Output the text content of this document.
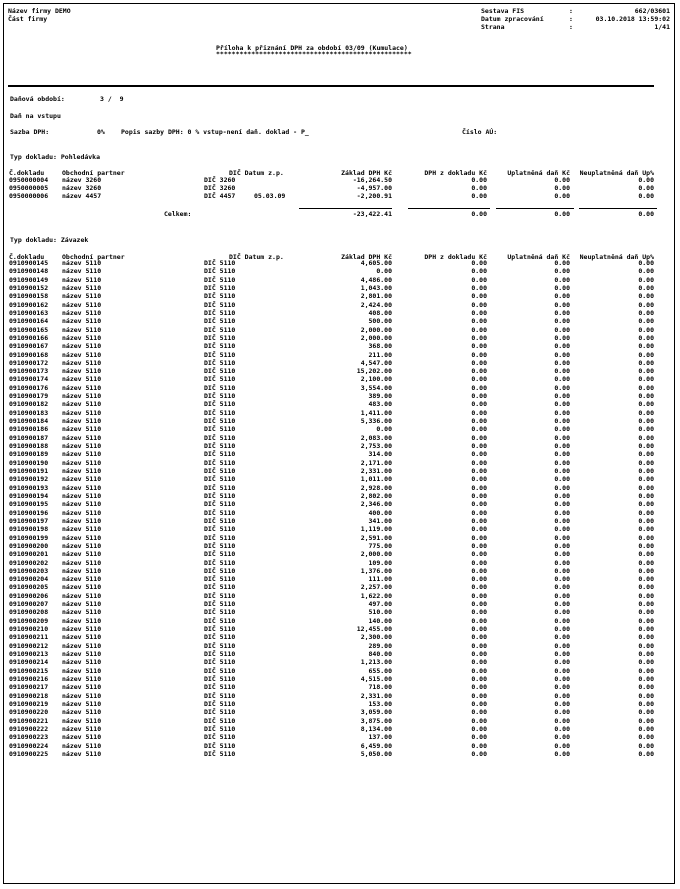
Název firmy DEMO
Část firmy
Sestava FIS	:	662/03601
Datum zpracování	:	03.10.2018 13:59:02
Strana	:	1/41
Příloha k přiznání DPH za období 03/09 (Kumulace)
**************************************************
Daňová období:	3 /  9
Daň na vstupu
Sazba DPH:	0% Popis sazby DPH: 0 % vstup-není daň. doklad - P_	Číslo AÚ:
Typ dokladu: Pohledávka
Č.dokladu	Obchodní partner	DIČ Datum z.p.	Základ DPH Kč	DPH z dokladu Kč	Uplatněná daň Kč Neuplatněná daň Up%
0950000004 název 3260	DIČ 3260	-16,264.50	0.00	0.00	0.00
0950000005 název 3260	DIČ 3260	-4,957.00	0.00	0.00	0.00
0950000006 název 4457	DIČ 4457	05.03.09	-2,200.91	0.00	0.00	0.00
Celkem:	-23,422.41	0.00	0.00	0.00
Typ dokladu: Závazek
Č.dokladu	Obchodní partner	DIČ Datum z.p.	Základ DPH Kč	DPH z dokladu Kč	Uplatněná daň Kč Neuplatněná daň Up%
0910900145 název 5110	DIČ 5110	4,605.00	0.00	0.00	0.00
0910900148 název 5110	DIČ 5110	0.00	0.00	0.00	0.00
0910900149 název 5110	DIČ 5110	4,486.00	0.00	0.00	0.00
0910900152 název 5110	DIČ 5110	1,043.00	0.00	0.00	0.00
0910900158 název 5110	DIČ 5110	2,801.00	0.00	0.00	0.00
0910900162 název 5110	DIČ 5110	2,424.00	0.00	0.00	0.00
0910900163 název 5110	DIČ 5110	408.00	0.00	0.00	0.00
0910900164 název 5110	DIČ 5110	500.00	0.00	0.00	0.00
0910900165 název 5110	DIČ 5110	2,000.00	0.00	0.00	0.00
0910900166 název 5110	DIČ 5110	2,000.00	0.00	0.00	0.00
0910900167 název 5110	DIČ 5110	368.00	0.00	0.00	0.00
0910900168 název 5110	DIČ 5110	211.00	0.00	0.00	0.00
0910900172 název 5110	DIČ 5110	4,547.00	0.00	0.00	0.00
0910900173 název 5110	DIČ 5110	15,202.00	0.00	0.00	0.00
0910900174 název 5110	DIČ 5110	2,100.00	0.00	0.00	0.00
0910900176 název 5110	DIČ 5110	3,554.00	0.00	0.00	0.00
0910900179 název 5110	DIČ 5110	389.00	0.00	0.00	0.00
0910900182 název 5110	DIČ 5110	483.00	0.00	0.00	0.00
0910900183 název 5110	DIČ 5110	1,411.00	0.00	0.00	0.00
0910900184 název 5110	DIČ 5110	5,336.00	0.00	0.00	0.00
0910900186 název 5110	DIČ 5110	0.00	0.00	0.00	0.00
0910900187 název 5110	DIČ 5110	2,083.00	0.00	0.00	0.00
0910900188 název 5110	DIČ 5110	2,753.00	0.00	0.00	0.00
0910900189 název 5110	DIČ 5110	314.00	0.00	0.00	0.00
0910900190 název 5110	DIČ 5110	2,171.00	0.00	0.00	0.00
0910900191 název 5110	DIČ 5110	2,331.00	0.00	0.00	0.00
0910900192 název 5110	DIČ 5110	1,011.00	0.00	0.00	0.00
0910900193 název 5110	DIČ 5110	2,928.00	0.00	0.00	0.00
0910900194 název 5110	DIČ 5110	2,802.00	0.00	0.00	0.00
0910900195 název 5110	DIČ 5110	2,346.00	0.00	0.00	0.00
0910900196 název 5110	DIČ 5110	400.00	0.00	0.00	0.00
0910900197 název 5110	DIČ 5110	341.00	0.00	0.00	0.00
0910900198 název 5110	DIČ 5110	1,119.00	0.00	0.00	0.00
0910900199 název 5110	DIČ 5110	2,591.00	0.00	0.00	0.00
0910900200 název 5110	DIČ 5110	775.00	0.00	0.00	0.00
0910900201 název 5110	DIČ 5110	2,000.00	0.00	0.00	0.00
0910900202 název 5110	DIČ 5110	109.00	0.00	0.00	0.00
0910900203 název 5110	DIČ 5110	1,376.00	0.00	0.00	0.00
0910900204 název 5110	DIČ 5110	111.00	0.00	0.00	0.00
0910900205 název 5110	DIČ 5110	2,257.00	0.00	0.00	0.00
0910900206 název 5110	DIČ 5110	1,622.00	0.00	0.00	0.00
0910900207 název 5110	DIČ 5110	497.00	0.00	0.00	0.00
0910900208 název 5110	DIČ 5110	510.00	0.00	0.00	0.00
0910900209 název 5110	DIČ 5110	140.00	0.00	0.00	0.00
0910900210 název 5110	DIČ 5110	12,455.00	0.00	0.00	0.00
0910900211 název 5110	DIČ 5110	2,300.00	0.00	0.00	0.00
0910900212 název 5110	DIČ 5110	289.00	0.00	0.00	0.00
0910900213 název 5110	DIČ 5110	840.00	0.00	0.00	0.00
0910900214 název 5110	DIČ 5110	1,213.00	0.00	0.00	0.00
0910900215 název 5110	DIČ 5110	655.00	0.00	0.00	0.00
0910900216 název 5110	DIČ 5110	4,515.00	0.00	0.00	0.00
0910900217 název 5110	DIČ 5110	718.00	0.00	0.00	0.00
0910900218 název 5110	DIČ 5110	2,331.00	0.00	0.00	0.00
0910900219 název 5110	DIČ 5110	153.00	0.00	0.00	0.00
0910900220 název 5110	DIČ 5110	3,059.00	0.00	0.00	0.00
0910900221 název 5110	DIČ 5110	3,875.00	0.00	0.00	0.00
0910900222 název 5110	DIČ 5110	8,134.00	0.00	0.00	0.00
0910900223 název 5110	DIČ 5110	137.00	0.00	0.00	0.00
0910900224 název 5110	DIČ 5110	6,459.00	0.00	0.00	0.00
0910900225 název 5110	DIČ 5110	5,050.00	0.00	0.00	0.00
